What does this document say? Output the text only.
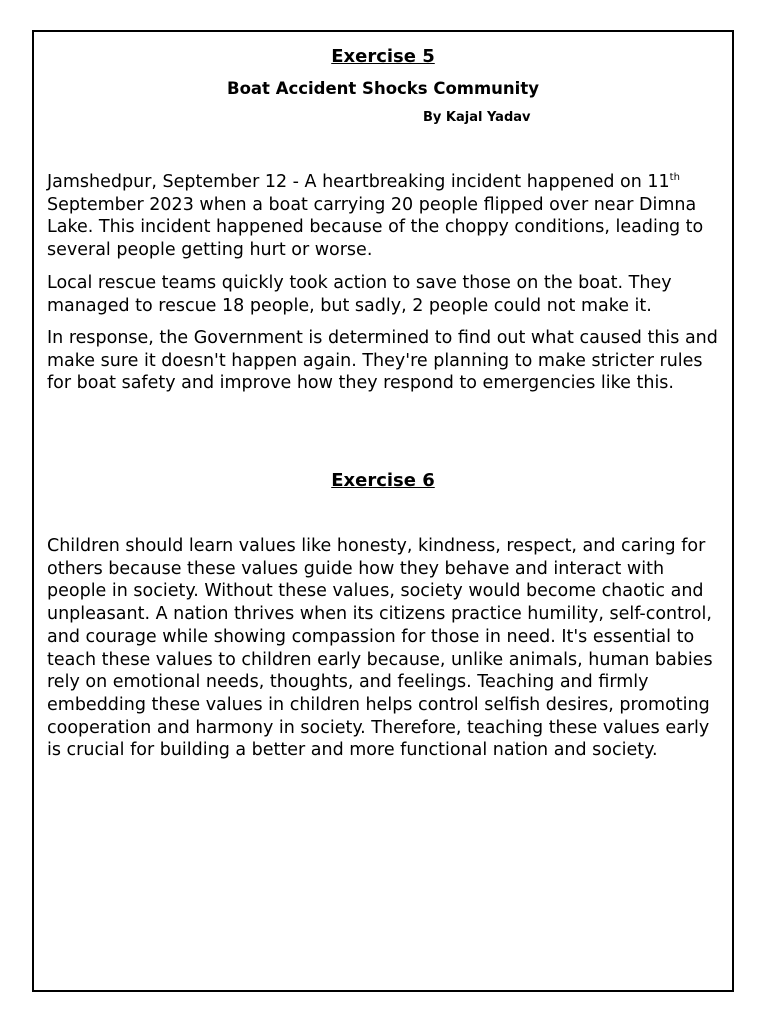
Exercise 5
Boat Accident Shocks Community

By Kajal Yadav

Jamshedpur, September 12 - A heartbreaking incident happened on 11th September 2023 when a boat carrying 20 people flipped over near Dimna Lake. This incident happened because of the choppy conditions, leading to several people getting hurt or worse.

Local rescue teams quickly took action to save those on the boat. They managed to rescue 18 people, but sadly, 2 people could not make it.

In response, the Government is determined to find out what caused this and make sure it doesn't happen again. They're planning to make stricter rules for boat safety and improve how they respond to emergencies like this.

Exercise 6

Children should learn values like honesty, kindness, respect, and caring for others because these values guide how they behave and interact with people in society. Without these values, society would become chaotic and unpleasant. A nation thrives when its citizens practice humility, self-control, and courage while showing compassion for those in need. It's essential to teach these values to children early because, unlike animals, human babies rely on emotional needs, thoughts, and feelings. Teaching and firmly embedding these values in children helps control selfish desires, promoting cooperation and harmony in society. Therefore, teaching these values early is crucial for building a better and more functional nation and society.
